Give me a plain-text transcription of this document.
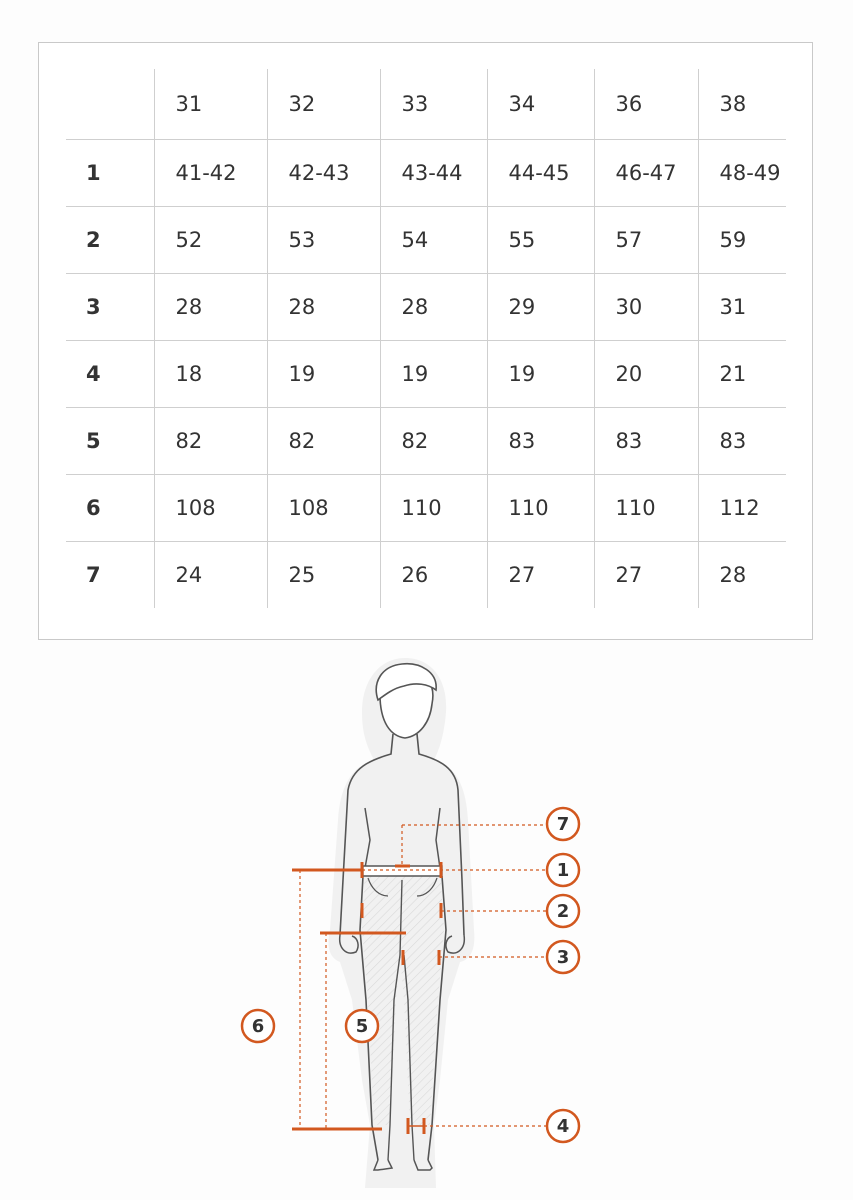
	31	32	33	34	36	38
1	41-42	42-43	43-44	44-45	46-47	48-49
2	52	53	54	55	57	59
3	28	28	28	29	30	31
4	18	19	19	19	20	21
5	82	82	82	83	83	83
6	108	108	110	110	110	112
7	24	25	26	27	27	28
7
1
2
3
6	5
4
